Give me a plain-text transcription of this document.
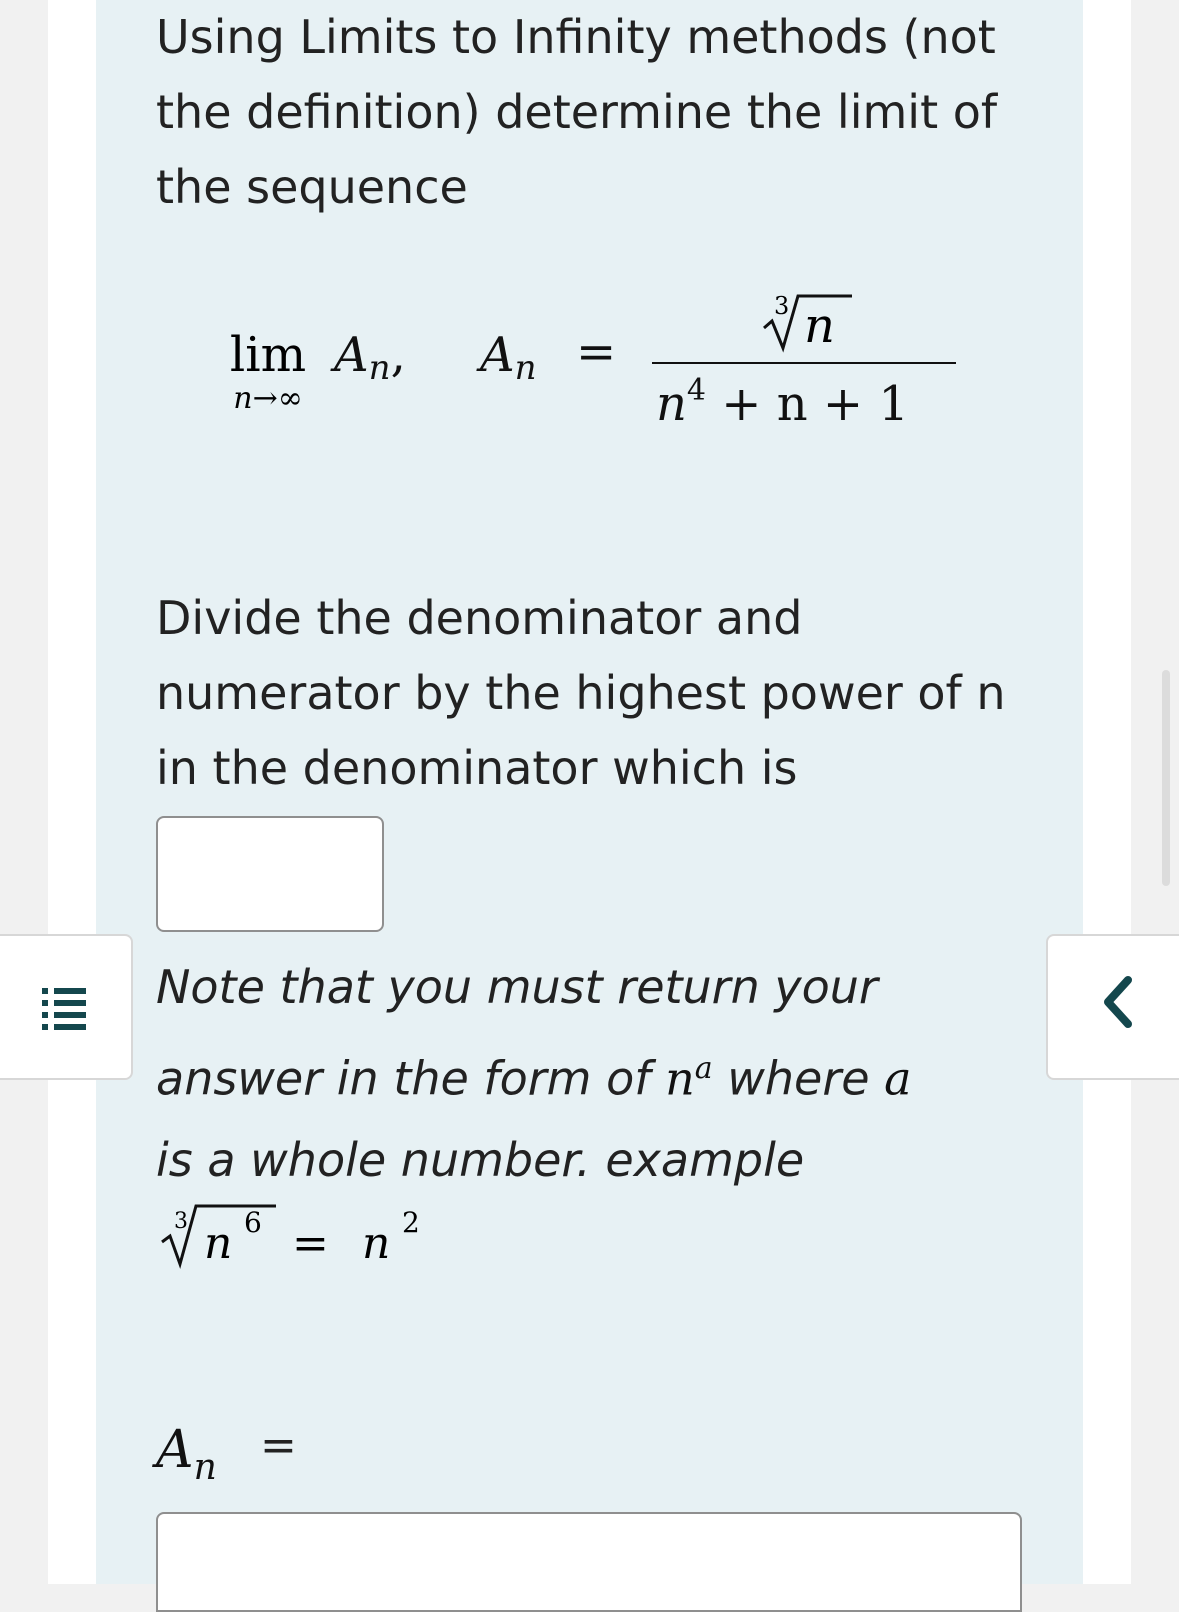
Using Limits to Infinity methods (not the definition) determine the limit of the sequence

lim
n→∞
An, An =
3 n
$n^4 + n + 1$

Divide the denominator and numerator by the highest power of n in the denominator which is

Note that you must return your
answer in the form of $n^a$ where a
is a whole number. example
3 n 6 = n 2
An =
